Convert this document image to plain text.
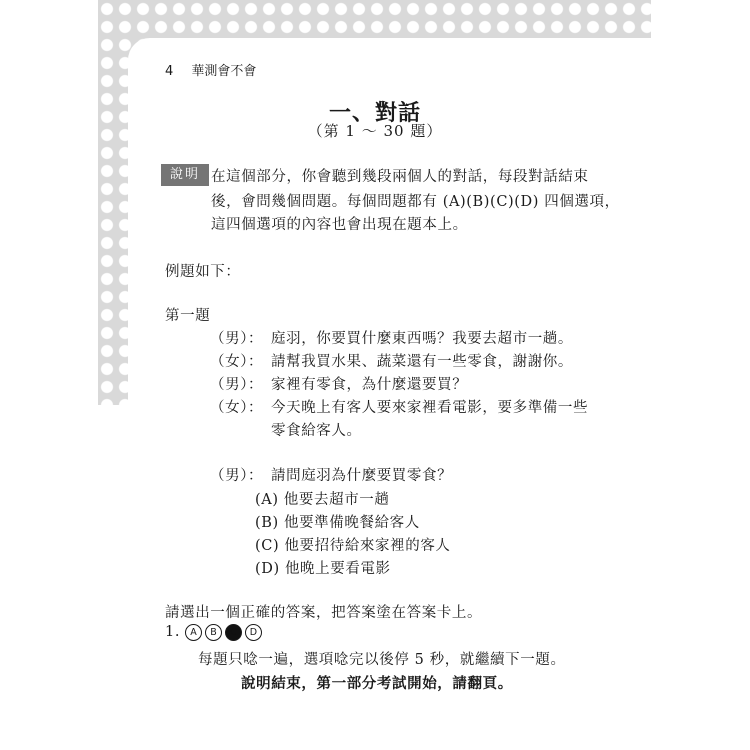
4 華測會不會
一、對話
（第 1 ～ 30 題）
說明 在這個部分，你會聽到幾段兩個人的對話，每段對話結束
後，會問幾個問題。每個問題都有 (A)(B)(C)(D) 四個選項，
這四個選項的內容也會出現在題本上。
例題如下：
第一題
（男）： 庭羽，你要買什麼東西嗎？我要去超市一趟。
（女）： 請幫我買水果、蔬菜還有一些零食，謝謝你。
（男）： 家裡有零食，為什麼還要買？
（女）： 今天晚上有客人要來家裡看電影，要多準備一些
零食給客人。
（男）： 請問庭羽為什麼要買零食？
(A) 他要去超市一趟
(B) 他要準備晚餐給客人
(C) 他要招待給來家裡的客人
(D) 他晚上要看電影
請選出一個正確的答案，把答案塗在答案卡上。
1. A B C D
每題只唸一遍，選項唸完以後停 5 秒，就繼續下一題。
說明結束，第一部分考試開始，請翻頁。
